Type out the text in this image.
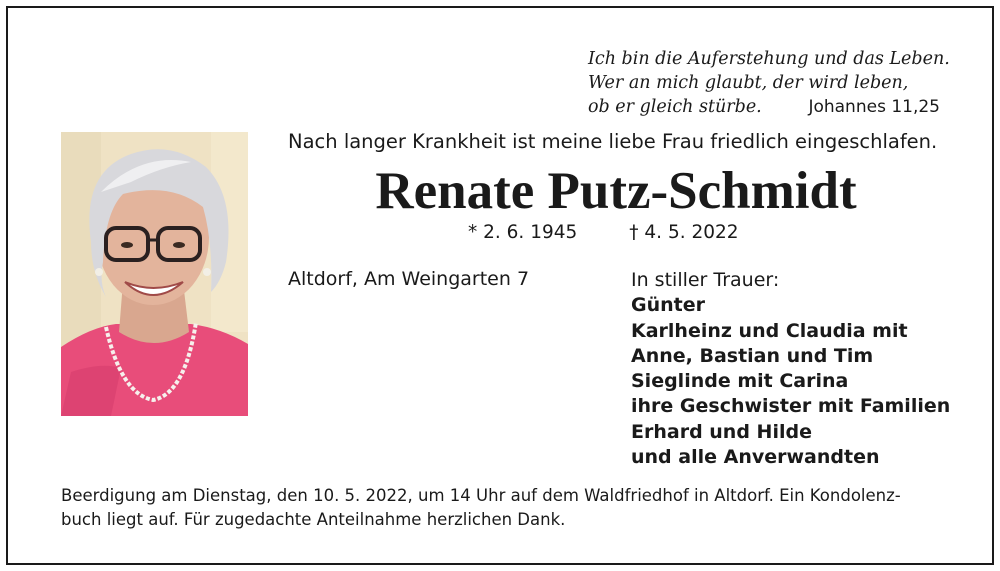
Ich bin die Auferstehung und das Leben.
Wer an mich glaubt, der wird leben,
ob er gleich stürbe.	Johannes 11,25
Nach langer Krankheit ist meine liebe Frau friedlich eingeschlafen.
Renate Putz-Schmidt
* 2. 6. 1945	† 4. 5. 2022
Altdorf, Am Weingarten 7	In stiller Trauer:
Günter
Karlheinz und Claudia mit
Anne, Bastian und Tim
Sieglinde mit Carina
ihre Geschwister mit Familien
Erhard und Hilde
und alle Anverwandten
Beerdigung am Dienstag, den 10. 5. 2022, um 14 Uhr auf dem Waldfriedhof in Altdorf. Ein Kondolenz-
buch liegt auf. Für zugedachte Anteilnahme herzlichen Dank.
